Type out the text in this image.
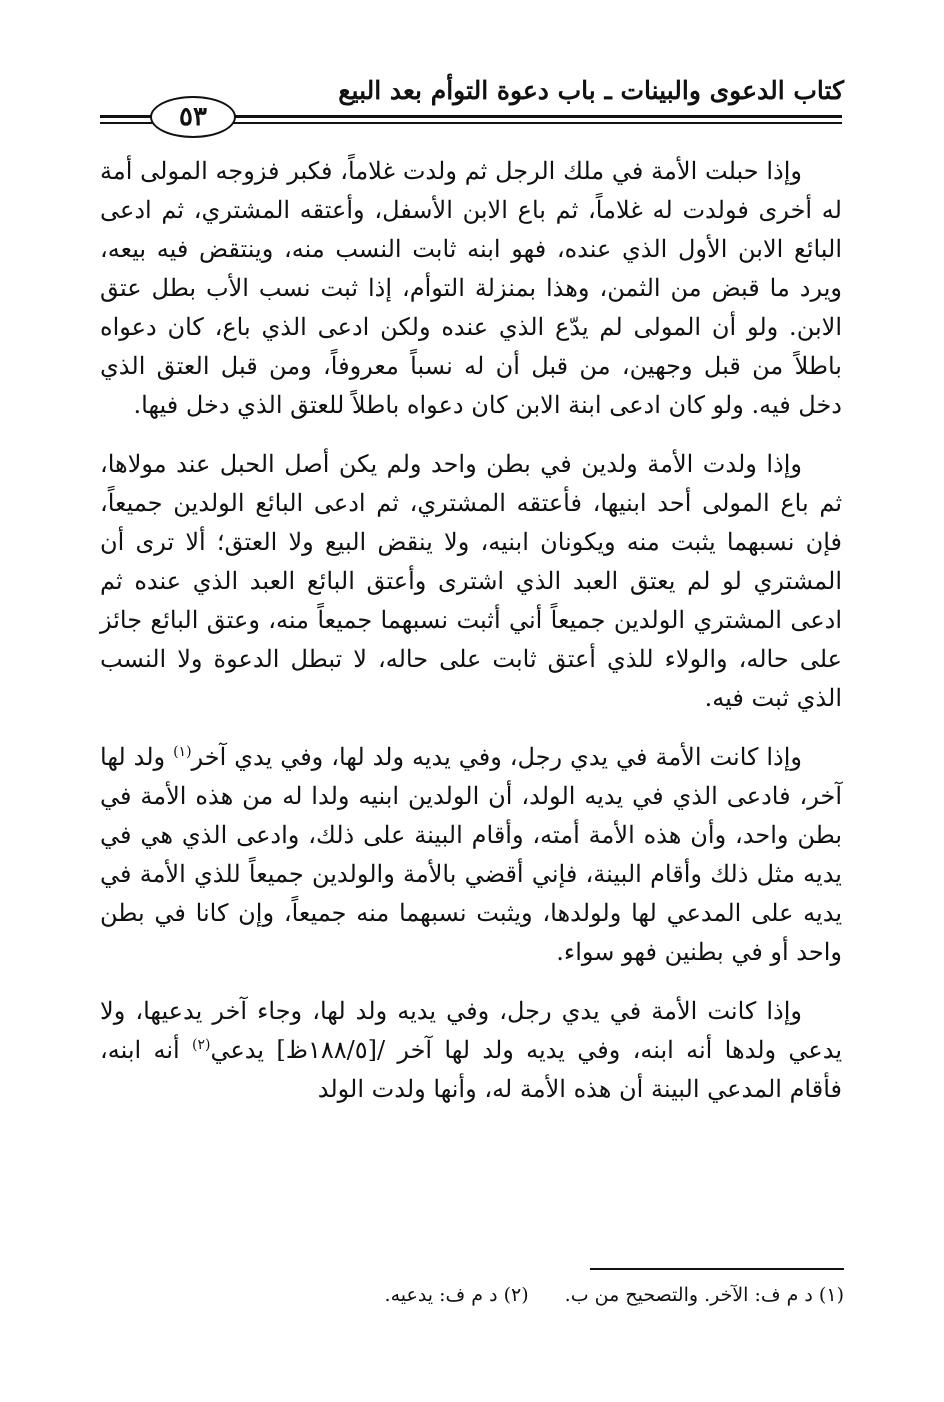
كتاب الدعوى والبينات ـ باب دعوة التوأم بعد البيع
٥٣

وإذا حبلت الأمة في ملك الرجل ثم ولدت غلاماً، فكبر فزوجه المولى أمة له أخرى فولدت له غلاماً، ثم باع الابن الأسفل، وأعتقه المشتري، ثم ادعى البائع الابن الأول الذي عنده، فهو ابنه ثابت النسب منه، وينتقض فيه بيعه، ويرد ما قبض من الثمن، وهذا بمنزلة التوأم، إذا ثبت نسب الأب بطل عتق الابن. ولو أن المولى لم يدّع الذي عنده ولكن ادعى الذي باع، كان دعواه باطلاً من قبل وجهين، من قبل أن له نسباً معروفاً، ومن قبل العتق الذي دخل فيه. ولو كان ادعى ابنة الابن كان دعواه باطلاً للعتق الذي دخل فيها.

وإذا ولدت الأمة ولدين في بطن واحد ولم يكن أصل الحبل عند مولاها، ثم باع المولى أحد ابنيها، فأعتقه المشتري، ثم ادعى البائع الولدين جميعاً، فإن نسبهما يثبت منه ويكونان ابنيه، ولا ينقض البيع ولا العتق؛ ألا ترى أن المشتري لو لم يعتق العبد الذي اشترى وأعتق البائع العبد الذي عنده ثم ادعى المشتري الولدين جميعاً أني أثبت نسبهما جميعاً منه، وعتق البائع جائز على حاله، والولاء للذي أعتق ثابت على حاله، لا تبطل الدعوة ولا النسب الذي ثبت فيه.

وإذا كانت الأمة في يدي رجل، وفي يديه ولد لها، وفي يدي آخر$^{(١)}$ ولد لها آخر، فادعى الذي في يديه الولد، أن الولدين ابنيه ولدا له من هذه الأمة في بطن واحد، وأن هذه الأمة أمته، وأقام البينة على ذلك، وادعى الذي هي في يديه مثل ذلك وأقام البينة، فإني أقضي بالأمة والولدين جميعاً للذي الأمة في يديه على المدعي لها ولولدها، ويثبت نسبهما منه جميعاً، وإن كانا في بطن واحد أو في بطنين فهو سواء.

وإذا كانت الأمة في يدي رجل، وفي يديه ولد لها، وجاء آخر يدعيها، ولا يدعي ولدها أنه ابنه، وفي يديه ولد لها آخر /[١٨٨/٥ظ] يدعي$^{(٢)}$ أنه ابنه، فأقام المدعي البينة أن هذه الأمة له، وأنها ولدت الولد

(١) د م ف: الآخر. والتصحيح من ب. (٢) د م ف: يدعيه.
